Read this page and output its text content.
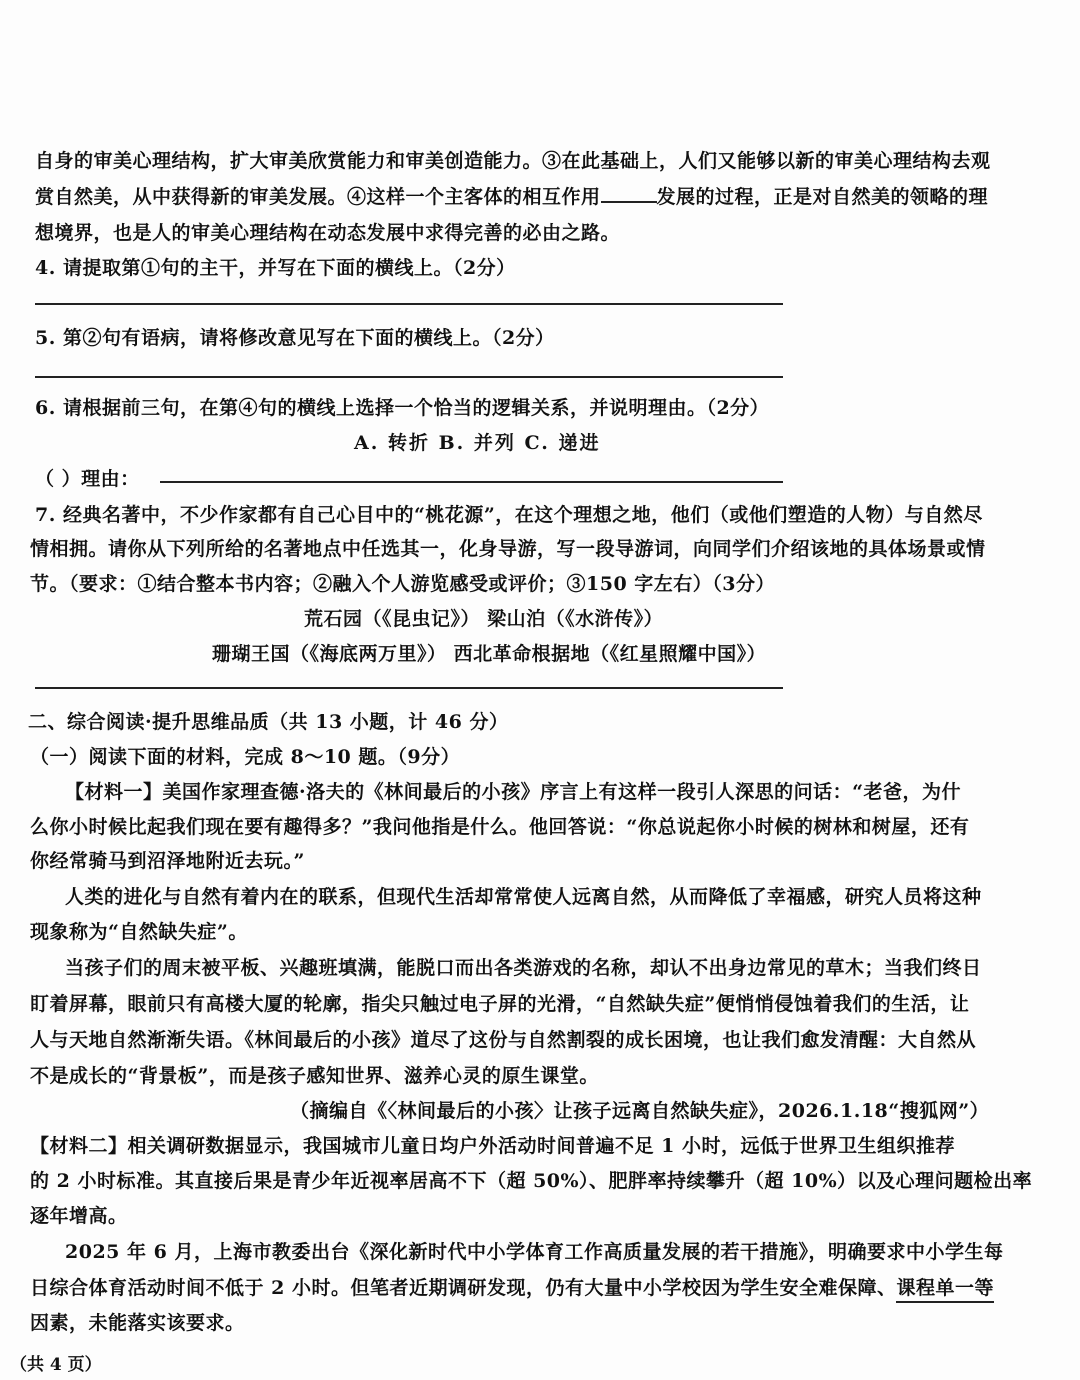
自身的审美心理结构，扩大审美欣赏能力和审美创造能力。③在此基础上，人们又能够以新的审美心理结构去观
赏自然美，从中获得新的审美发展。④这样一个主客体的相互作用	发展的过程，正是对自然美的领略的理
想境界，也是人的审美心理结构在动态发展中求得完善的必由之路。
4. 请提取第①句的主干，并写在下面的横线上。（2分）
5. 第②句有语病，请将修改意见写在下面的横线上。（2分）
6. 请根据前三句，在第④句的横线上选择一个恰当的逻辑关系，并说明理由。（2分）
A. 转折 B. 并列 C. 递进
（ ）理由：
7. 经典名著中，不少作家都有自己心目中的“桃花源”，在这个理想之地，他们（或他们塑造的人物）与自然尽
情相拥。请你从下列所给的名著地点中任选其一，化身导游，写一段导游词，向同学们介绍该地的具体场景或情
节。（要求：①结合整本书内容；②融入个人游览感受或评价；③150 字左右）（3分）
荒石园（《昆虫记》） 梁山泊（《水浒传》）
珊瑚王国（《海底两万里》） 西北革命根据地（《红星照耀中国》）
二、综合阅读·提升思维品质（共 13 小题，计 46 分）
（一）阅读下面的材料，完成 8～10 题。（9分）
【材料一】美国作家理查德·洛夫的《林间最后的小孩》序言上有这样一段引人深思的问话：“老爸，为什
么你小时候比起我们现在要有趣得多？”我问他指是什么。他回答说：“你总说起你小时候的树林和树屋，还有
你经常骑马到沼泽地附近去玩。”
人类的进化与自然有着内在的联系，但现代生活却常常使人远离自然，从而降低了幸福感，研究人员将这种
现象称为“自然缺失症”。
当孩子们的周末被平板、兴趣班填满，能脱口而出各类游戏的名称，却认不出身边常见的草木；当我们终日
盯着屏幕，眼前只有高楼大厦的轮廓，指尖只触过电子屏的光滑，“自然缺失症”便悄悄侵蚀着我们的生活，让
人与天地自然渐渐失语。《林间最后的小孩》道尽了这份与自然割裂的成长困境，也让我们愈发清醒：大自然从
不是成长的“背景板”，而是孩子感知世界、滋养心灵的原生课堂。
（摘编自《〈林间最后的小孩〉让孩子远离自然缺失症》，2026.1.18“搜狐网”）
【材料二】相关调研数据显示，我国城市儿童日均户外活动时间普遍不足 1 小时，远低于世界卫生组织推荐
的 2 小时标准。其直接后果是青少年近视率居高不下（超 50%）、肥胖率持续攀升（超 10%）以及心理问题检出率
逐年增高。
2025 年 6 月，上海市教委出台《深化新时代中小学体育工作高质量发展的若干措施》，明确要求中小学生每
日综合体育活动时间不低于 2 小时。但笔者近期调研发现，仍有大量中小学校因为学生安全难保障、课程单一等
因素，未能落实该要求。
（共 4 页）
